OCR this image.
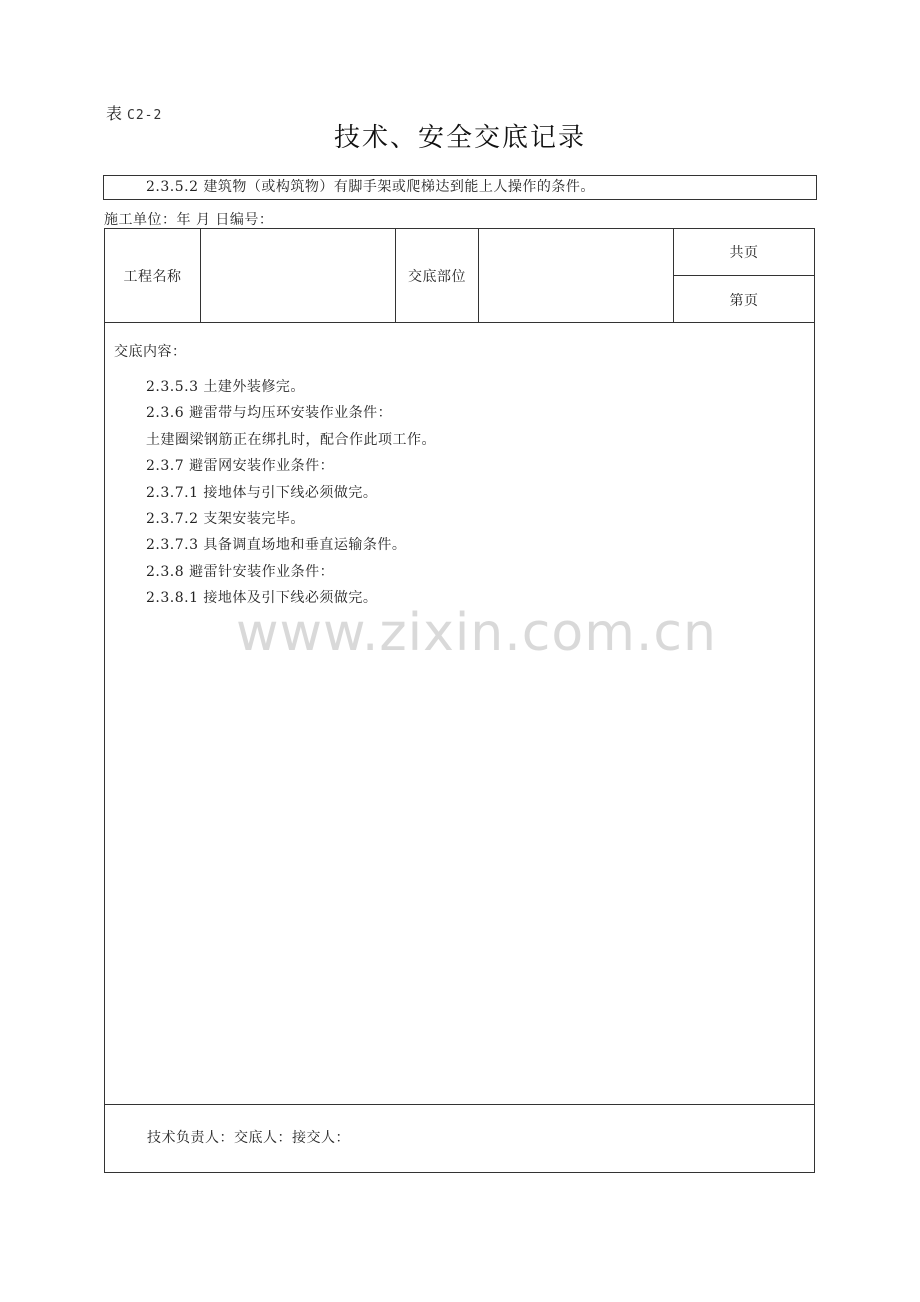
表 C2-2
技术、安全交底记录
2.3.5.2 建筑物（或构筑物）有脚手架或爬梯达到能上人操作的条件。
施工单位：年 月 日编号：
工程名称	交底部位
共页
第页
交底内容：
2.3.5.3 土建外装修完。
2.3.6 避雷带与均压环安装作业条件：
土建圈梁钢筋正在绑扎时，配合作此项工作。
2.3.7 避雷网安装作业条件：
2.3.7.1 接地体与引下线必须做完。
2.3.7.2 支架安装完毕。
2.3.7.3 具备调直场地和垂直运输条件。
2.3.8 避雷针安装作业条件：
2.3.8.1 接地体及引下线必须做完。
技术负责人：交底人：接交人：
www.zixin.com.cn
